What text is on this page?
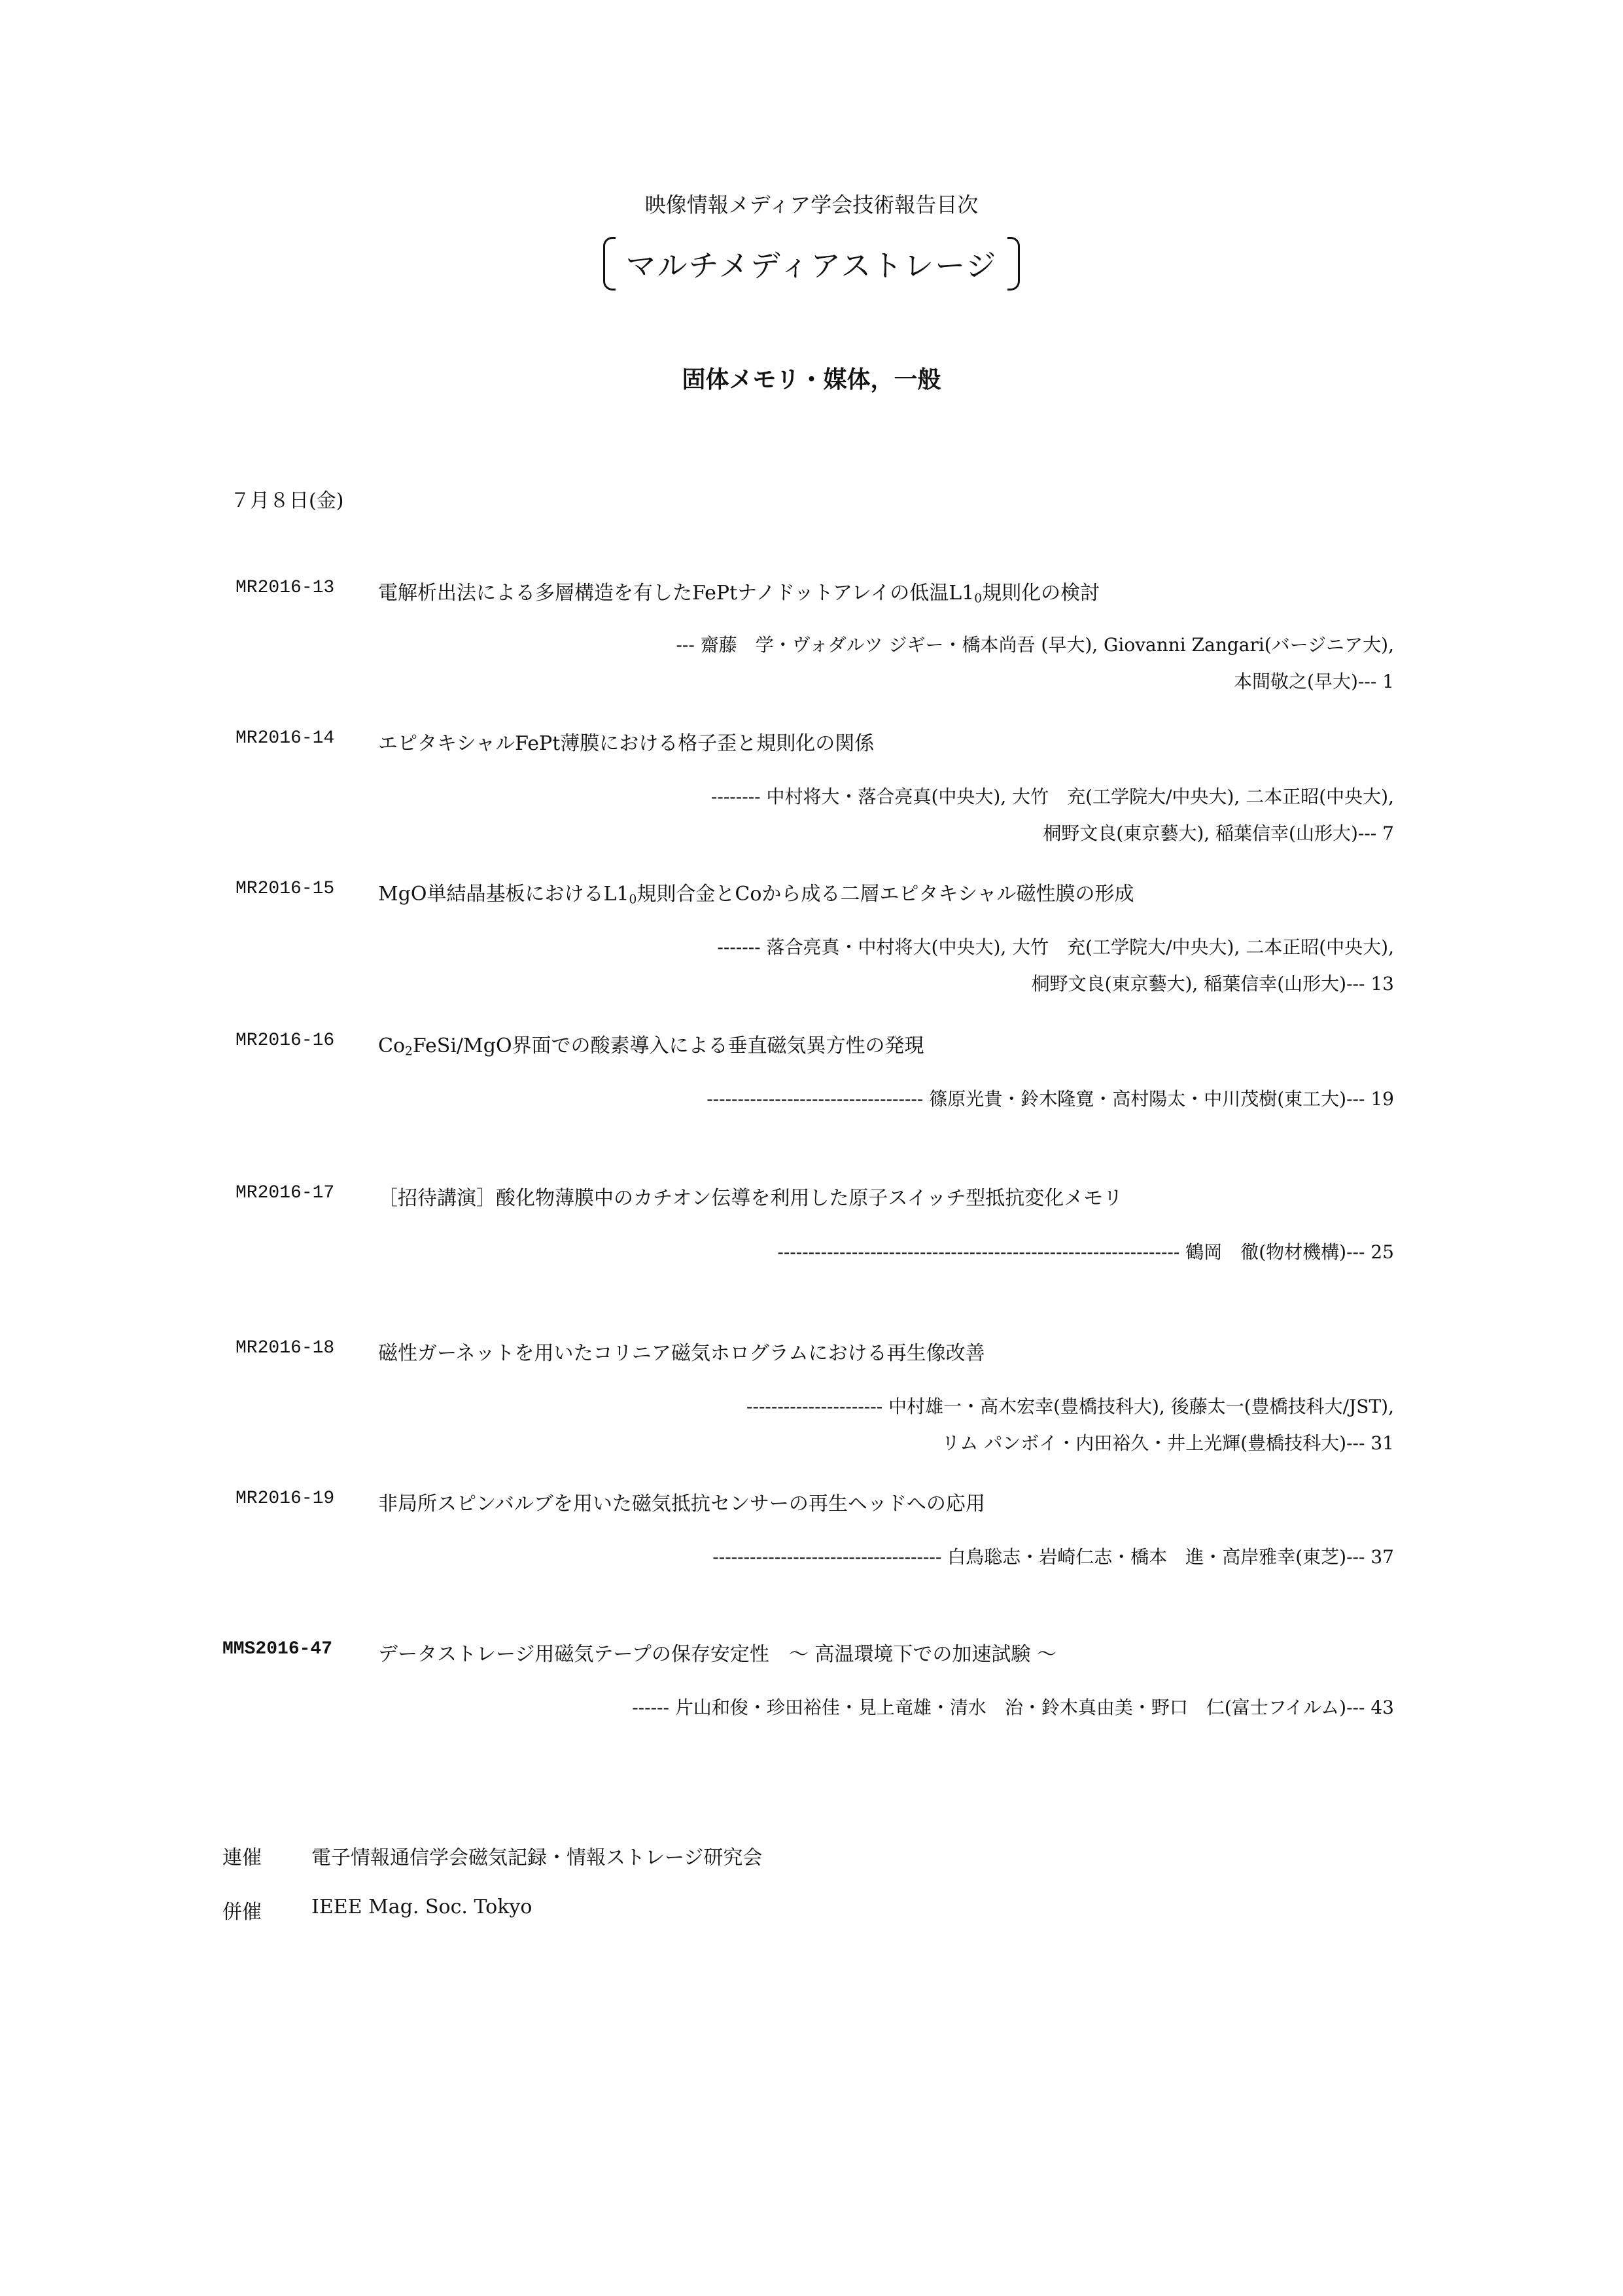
映像情報メディア学会技術報告目次
マルチメディアストレージ
固体メモリ・媒体，一般
７月８日(金)
MR2016-13 電解析出法による多層構造を有したFePtナノドットアレイの低温$L1_0$規則化の検討
--- 齋藤　学・ヴォダルツ ジギー・橋本尚吾 (早大), Giovanni Zangari(バージニア大),
本間敬之(早大)--- 1
MR2016-14 エピタキシャルFePt薄膜における格子歪と規則化の関係
-------- 中村将大・落合亮真(中央大), 大竹　充(工学院大/中央大), 二本正昭(中央大),
桐野文良(東京藝大), 稲葉信幸(山形大)--- 7
MR2016-15 MgO単結晶基板における$L1_0$規則合金とCoから成る二層エピタキシャル磁性膜の形成
------- 落合亮真・中村将大(中央大), 大竹　充(工学院大/中央大), 二本正昭(中央大),
桐野文良(東京藝大), 稲葉信幸(山形大)--- 13
MR2016-16 $Co_2FeSi$/MgO界面での酸素導入による垂直磁気異方性の発現
----------------------------------- 篠原光貴・鈴木隆寛・高村陽太・中川茂樹(東工大)--- 19
MR2016-17 ［招待講演］酸化物薄膜中のカチオン伝導を利用した原子スイッチ型抵抗変化メモリ
----------------------------------------------------------------- 鶴岡　徹(物材機構)--- 25
MR2016-18 磁性ガーネットを用いたコリニア磁気ホログラムにおける再生像改善
---------------------- 中村雄一・高木宏幸(豊橋技科大), 後藤太一(豊橋技科大/JST),
リム パンボイ・内田裕久・井上光輝(豊橋技科大)--- 31
MR2016-19 非局所スピンバルブを用いた磁気抵抗センサーの再生ヘッドへの応用
------------------------------------- 白鳥聡志・岩崎仁志・橋本　進・高岸雅幸(東芝)--- 37
MMS2016-47 データストレージ用磁気テープの保存安定性　～ 高温環境下での加速試験 ～
------ 片山和俊・珍田裕佳・見上竜雄・清水　治・鈴木真由美・野口　仁(富士フイルム)--- 43
連催	電子情報通信学会磁気記録・情報ストレージ研究会
併催	IEEE Mag. Soc. Tokyo
